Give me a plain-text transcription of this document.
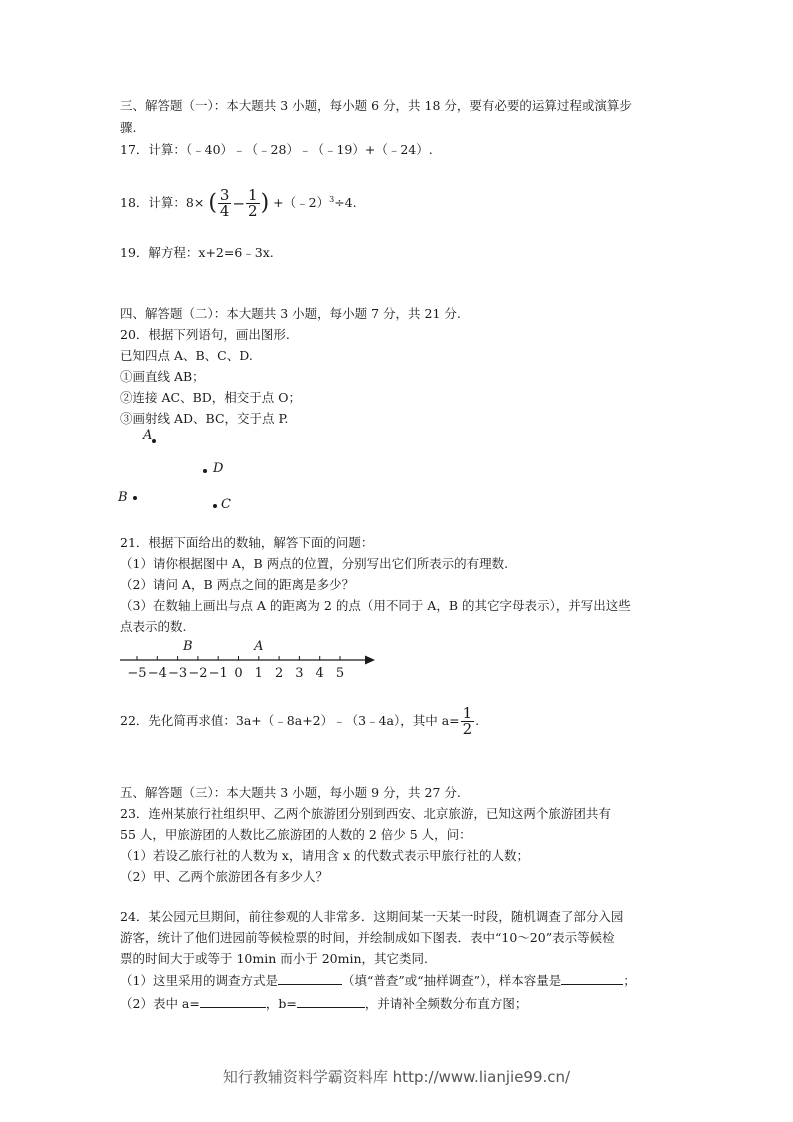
三、解答题（一）：本大题共 3 小题，每小题 6 分，共 18 分，要有必要的运算过程或演算步
骤.
17．计算：（﹣40）﹣（﹣28）﹣（﹣19）+（﹣24）.
18．计算：8× ( $\frac{3}{4} - \frac{1}{2}$ ) +（﹣2）$^3$÷4.
19．解方程：x+2=6﹣3x.
四、解答题（二）：本大题共 3 小题，每小题 7 分，共 21 分.
20．根据下列语句，画出图形.
已知四点 A、B、C、D.
①画直线 AB；
②连接 AC、BD，相交于点 O；
③画射线 AD、BC，交于点 P.
A
D
B	C
21．根据下面给出的数轴，解答下面的问题：
（1）请你根据图中 A，B 两点的位置，分别写出它们所表示的有理数.
（2）请问 A，B 两点之间的距离是多少？
（3）在数轴上画出与点 A 的距离为 2 的点（用不同于 A，B 的其它字母表示），并写出这些
点表示的数.
−5 −4 −3 −2 −1 0 1 2 3 4 5
B	A
22．先化简再求值：3a+（﹣8a+2）﹣（3﹣4a），其中 $a= \frac{1}{2}$ .
五、解答题（三）：本大题共 3 小题，每小题 9 分，共 27 分.
23．连州某旅行社组织甲、乙两个旅游团分别到西安、北京旅游，已知这两个旅游团共有
55 人，甲旅游团的人数比乙旅游团的人数的 2 倍少 5 人，问：
（1）若设乙旅行社的人数为 x，请用含 x 的代数式表示甲旅行社的人数；
（2）甲、乙两个旅游团各有多少人？
24．某公园元旦期间，前往参观的人非常多．这期间某一天某一时段，随机调查了部分入园
游客，统计了他们进园前等候检票的时间，并绘制成如下图表．表中“10～20”表示等候检
票的时间大于或等于 10min 而小于 20min，其它类同.
（1）这里采用的调查方式是	（填“普查”或“抽样调查”），样本容量是	；
（2）表中 a=	，b=	，并请补全频数分布直方图；
知行教辅资料学霸资料库 http://www.lianjie99.cn/
